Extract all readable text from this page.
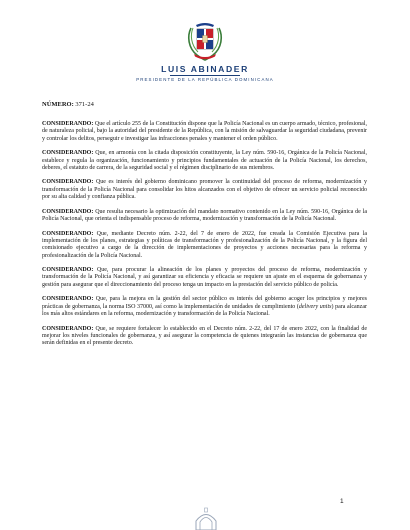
LUIS ABINADER
PRESIDENTE DE LA REPÚBLICA DOMINICANA
NÚMERO: 371-24

CONSIDERANDO: Que el artículo 255 de la Constitución dispone que la Policía Nacional es un cuerpo armado, técnico, profesional, de naturaleza policial, bajo la autoridad del presidente de la República, con la misión de salvaguardar la seguridad ciudadana, prevenir y controlar los delitos, perseguir e investigar las infracciones penales y mantener el orden público.

CONSIDERANDO: Que, en armonía con la citada disposición constituyente, la Ley núm. 590-16, Orgánica de la Policía Nacional, establece y regula la organización, funcionamiento y principios fundamentales de actuación de la Policía Nacional, los derechos, deberes, el estatuto de carrera, de la seguridad social y el régimen disciplinario de sus miembros.

CONSIDERANDO: Que es interés del gobierno dominicano promover la continuidad del proceso de reforma, modernización y transformación de la Policía Nacional para consolidar los hitos alcanzados con el objetivo de ofrecer un servicio policial reconocido por su alta calidad y confianza pública.

CONSIDERANDO: Que resulta necesario la optimización del mandato normativo contenido en la Ley núm. 590-16, Orgánica de la Policía Nacional, que orienta el indispensable proceso de reforma, modernización y transformación de la Policía Nacional.

CONSIDERANDO: Que, mediante Decreto núm. 2-22, del 7 de enero de 2022, fue creada la Comisión Ejecutiva para la implementación de los planes, estrategias y políticas de transformación y profesionalización de la Policía Nacional, y la figura del comisionado ejecutivo a cargo de la dirección de implementaciones de proyectos y acciones necesarias para la reforma y profesionalización de la Policía Nacional.

CONSIDERANDO: Que, para procurar la alineación de los planes y proyectos del proceso de reforma, modernización y transformación de la Policía Nacional, y así garantizar su eficiencia y eficacia se requiere un ajuste en el esquema de gobernanza y gestión para asegurar que el direccionamiento del proceso tenga un impacto en la prestación del servicio público de policía.

CONSIDERANDO: Que, para la mejora en la gestión del sector público es interés del gobierno acoger los principios y mejores prácticas de gobernanza, la norma ISO 37000, así como la implementación de unidades de cumplimiento (delivery units) para alcanzar los más altos estándares en la reforma, modernización y transformación de la Policía Nacional.

CONSIDERANDO: Que, se requiere fortalecer lo establecido en el Decreto núm. 2-22, del 17 de enero 2022, con la finalidad de mejorar los niveles funcionales de gobernanza, y así asegurar la competencia de quienes integrarán las instancias de gobernanza que serán definidas en el presente decreto.

1
